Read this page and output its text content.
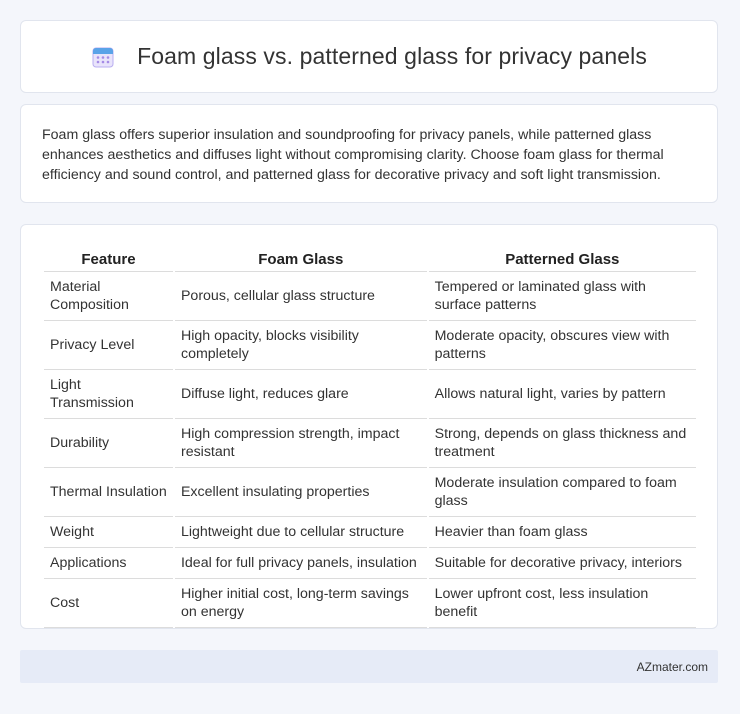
Foam glass vs. patterned glass for privacy panels

Foam glass offers superior insulation and soundproofing for privacy panels, while patterned glass enhances aesthetics and diffuses light without compromising clarity. Choose foam glass for thermal efficiency and sound control, and patterned glass for decorative privacy and soft light transmission.

Feature	Foam Glass	Patterned Glass
Material Composition	Porous, cellular glass structure	Tempered or laminated glass with surface patterns
Privacy Level	High opacity, blocks visibility completely	Moderate opacity, obscures view with patterns
Light Transmission	Diffuse light, reduces glare	Allows natural light, varies by pattern
Durability	High compression strength, impact resistant	Strong, depends on glass thickness and treatment
Thermal Insulation	Excellent insulating properties	Moderate insulation compared to foam glass
Weight	Lightweight due to cellular structure	Heavier than foam glass
Applications	Ideal for full privacy panels, insulation	Suitable for decorative privacy, interiors
Cost	Higher initial cost, long-term savings on energy	Lower upfront cost, less insulation benefit
AZmater.com
